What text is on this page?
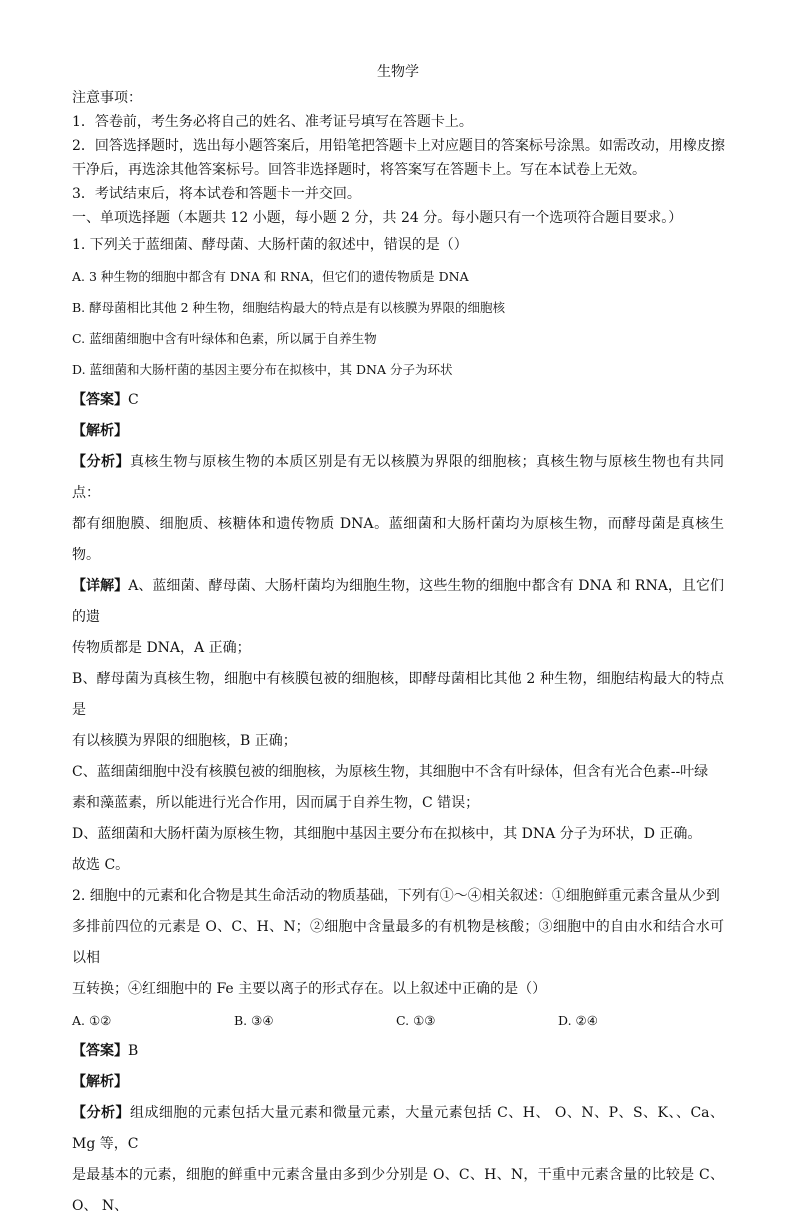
生物学
注意事项：
1．答卷前，考生务必将自己的姓名、准考证号填写在答题卡上。
2．回答选择题时，选出每小题答案后，用铅笔把答题卡上对应题目的答案标号涂黑。如需改动，用橡皮擦
干净后，再选涂其他答案标号。回答非选择题时，将答案写在答题卡上。写在本试卷上无效。
3．考试结束后，将本试卷和答题卡一并交回。
一、单项选择题（本题共 12 小题，每小题 2 分，共 24 分。每小题只有一个选项符合题目要求。）
1. 下列关于蓝细菌、酵母菌、大肠杆菌的叙述中，错误的是（）
A. 3 种生物的细胞中都含有 DNA 和 RNA，但它们的遗传物质是 DNA
B. 酵母菌相比其他 2 种生物，细胞结构最大的特点是有以核膜为界限的细胞核
C. 蓝细菌细胞中含有叶绿体和色素，所以属于自养生物
D. 蓝细菌和大肠杆菌的基因主要分布在拟核中，其 DNA 分子为环状
【答案】C
【解析】
【分析】真核生物与原核生物的本质区别是有无以核膜为界限的细胞核；真核生物与原核生物也有共同点：
都有细胞膜、细胞质、核糖体和遗传物质 DNA。蓝细菌和大肠杆菌均为原核生物，而酵母菌是真核生物。
【详解】A、蓝细菌、酵母菌、大肠杆菌均为细胞生物，这些生物的细胞中都含有 DNA 和 RNA，且它们的遗
传物质都是 DNA，A 正确；
B、酵母菌为真核生物，细胞中有核膜包被的细胞核，即酵母菌相比其他 2 种生物，细胞结构最大的特点是
有以核膜为界限的细胞核，B 正确；
C、蓝细菌细胞中没有核膜包被的细胞核，为原核生物，其细胞中不含有叶绿体，但含有光合色素--叶绿
素和藻蓝素，所以能进行光合作用，因而属于自养生物，C 错误；
D、蓝细菌和大肠杆菌为原核生物，其细胞中基因主要分布在拟核中，其 DNA 分子为环状，D 正确。
故选 C。
2. 细胞中的元素和化合物是其生命活动的物质基础，下列有①～④相关叙述：①细胞鲜重元素含量从少到
多排前四位的元素是 O、C、H、N；②细胞中含量最多的有机物是核酸；③细胞中的自由水和结合水可以相
互转换；④红细胞中的 Fe 主要以离子的形式存在。以上叙述中正确的是（）
A. ①②	B. ③④	C. ①③	D. ②④
【答案】B
【解析】
【分析】组成细胞的元素包括大量元素和微量元素，大量元素包括 C、H、 O、N、P、S、K、、Ca、Mg 等，C
是最基本的元素，细胞的鲜重中元素含量由多到少分别是 O、C、H、N，干重中元素含量的比较是 C、O、 N、
